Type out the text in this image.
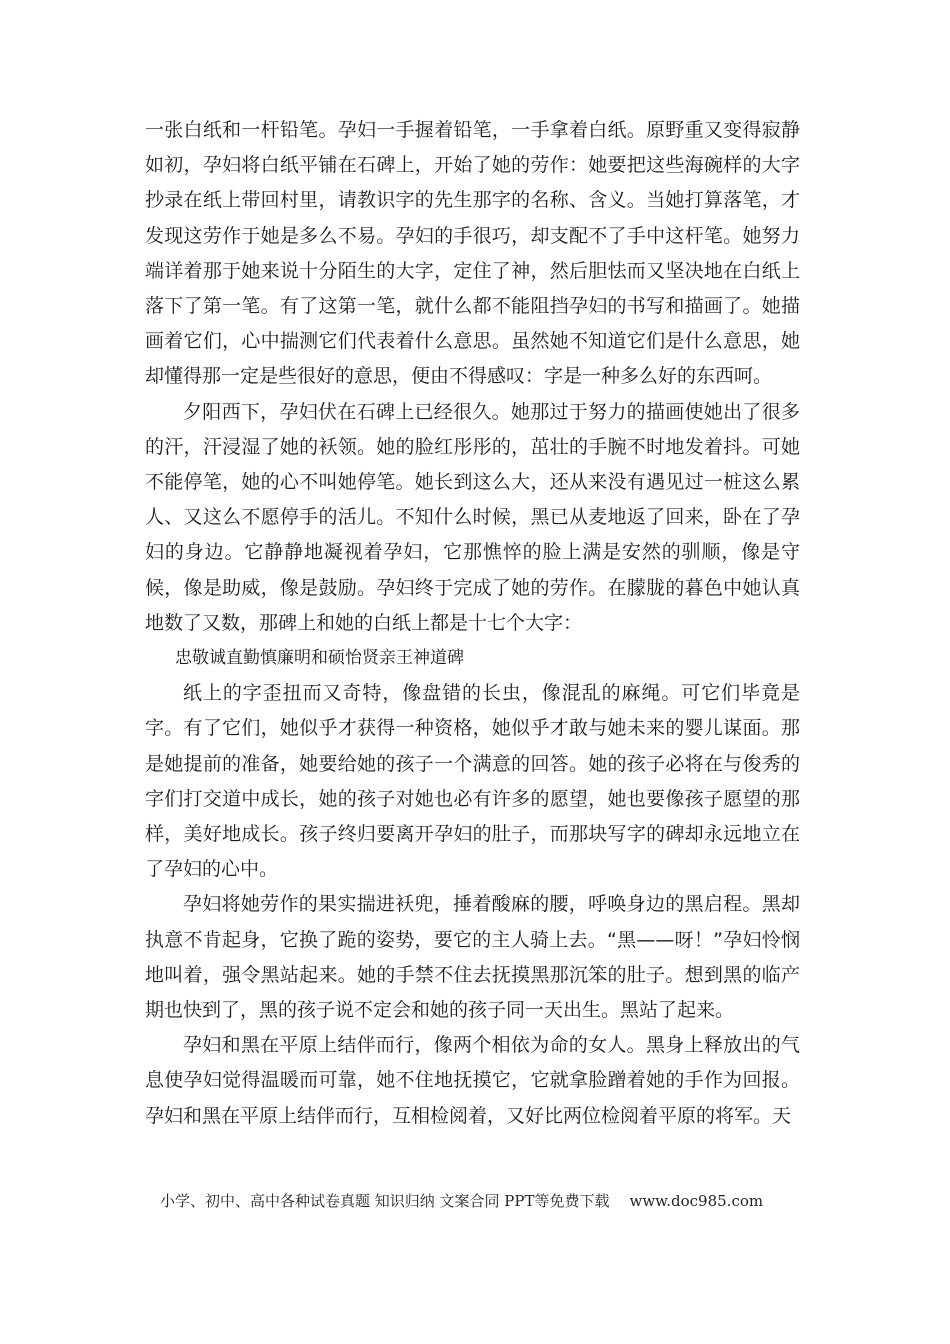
一张白纸和一杆铅笔。孕妇一手握着铅笔，一手拿着白纸。原野重又变得寂静如初，孕妇将白纸平铺在石碑上，开始了她的劳作：她要把这些海碗样的大字抄录在纸上带回村里，请教识字的先生那字的名称、含义。当她打算落笔，才发现这劳作于她是多么不易。孕妇的手很巧，却支配不了手中这杆笔。她努力端详着那于她来说十分陌生的大字，定住了神，然后胆怯而又坚决地在白纸上落下了第一笔。有了这第一笔，就什么都不能阻挡孕妇的书写和描画了。她描画着它们，心中揣测它们代表着什么意思。虽然她不知道它们是什么意思，她却懂得那一定是些很好的意思，便由不得感叹：字是一种多么好的东西呵。

夕阳西下，孕妇伏在石碑上已经很久。她那过于努力的描画使她出了很多的汗，汗浸湿了她的袄领。她的脸红彤彤的，茁壮的手腕不时地发着抖。可她不能停笔，她的心不叫她停笔。她长到这么大，还从来没有遇见过一桩这么累人、又这么不愿停手的活儿。不知什么时候，黑已从麦地返了回来，卧在了孕妇的身边。它静静地凝视着孕妇，它那憔悴的脸上满是安然的驯顺，像是守候，像是助威，像是鼓励。孕妇终于完成了她的劳作。在朦胧的暮色中她认真地数了又数，那碑上和她的白纸上都是十七个大字：

忠敬诚直勤慎廉明和硕怡贤亲王神道碑

纸上的字歪扭而又奇特，像盘错的长虫，像混乱的麻绳。可它们毕竟是字。有了它们，她似乎才获得一种资格，她似乎才敢与她未来的婴儿谋面。那是她提前的准备，她要给她的孩子一个满意的回答。她的孩子必将在与俊秀的字们打交道中成长，她的孩子对她也必有许多的愿望，她也要像孩子愿望的那样，美好地成长。孩子终归要离开孕妇的肚子，而那块写字的碑却永远地立在了孕妇的心中。

孕妇将她劳作的果实揣进袄兜，捶着酸麻的腰，呼唤身边的黑启程。黑却执意不肯起身，它换了跪的姿势，要它的主人骑上去。“黑——呀！”孕妇怜悯地叫着，强令黑站起来。她的手禁不住去抚摸黑那沉笨的肚子。想到黑的临产期也快到了，黑的孩子说不定会和她的孩子同一天出生。黑站了起来。

孕妇和黑在平原上结伴而行，像两个相依为命的女人。黑身上释放出的气息使孕妇觉得温暖而可靠，她不住地抚摸它，它就拿脸蹭着她的手作为回报。孕妇和黑在平原上结伴而行，互相检阅着，又好比两位检阅着平原的将军。天

小学、初中、高中各种试卷真题 知识归纳 文案合同 PPT等免费下载 www.doc985.com
